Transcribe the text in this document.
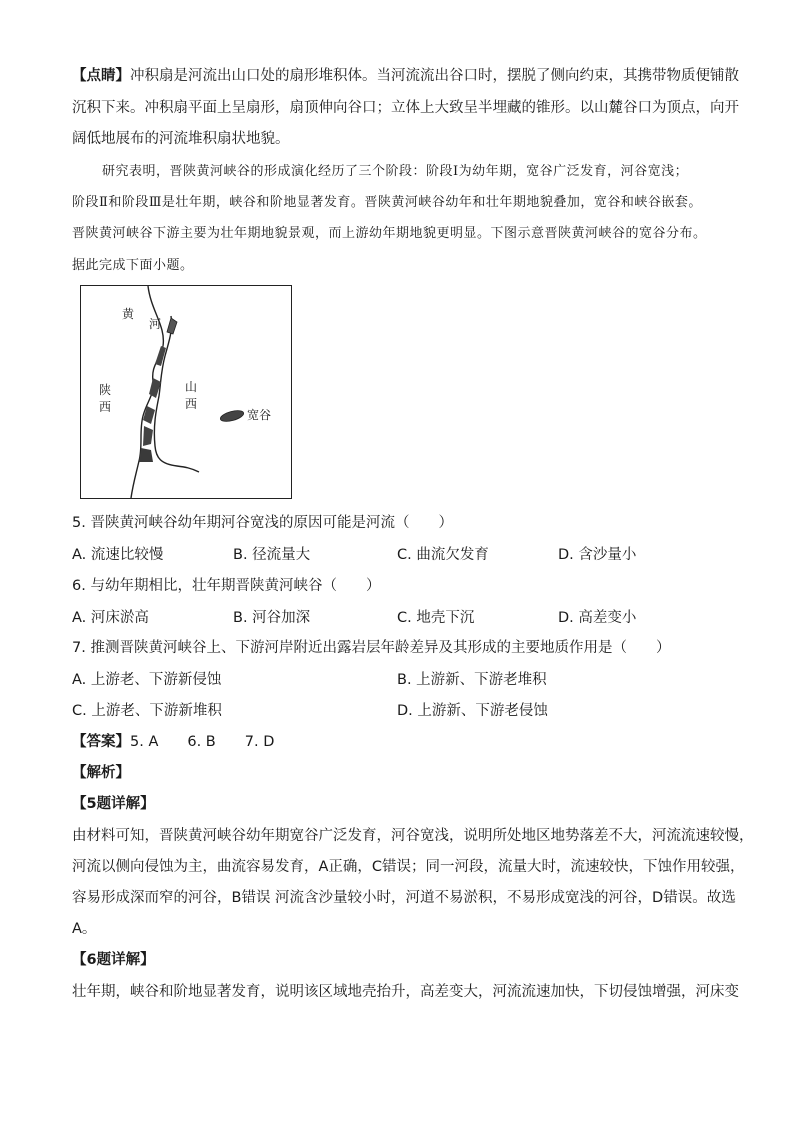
【点睛】冲积扇是河流出山口处的扇形堆积体。当河流流出谷口时，摆脱了侧向约束，其携带物质便铺散
沉积下来。冲积扇平面上呈扇形，扇顶伸向谷口；立体上大致呈半埋藏的锥形。以山麓谷口为顶点，向开
阔低地展布的河流堆积扇状地貌。
研究表明，晋陕黄河峡谷的形成演化经历了三个阶段：阶段Ⅰ为幼年期，宽谷广泛发育，河谷宽浅；
阶段Ⅱ和阶段Ⅲ是壮年期，峡谷和阶地显著发育。晋陕黄河峡谷幼年和壮年期地貌叠加，宽谷和峡谷嵌套。
晋陕黄河峡谷下游主要为壮年期地貌景观，而上游幼年期地貌更明显。下图示意晋陕黄河峡谷的宽谷分布。
据此完成下面小题。
黄
河
陕
西
山
西
宽谷
5. 晋陕黄河峡谷幼年期河谷宽浅的原因可能是河流（　　）
A. 流速比较慢	B. 径流量大	C. 曲流欠发育	D. 含沙量小
6. 与幼年期相比，壮年期晋陕黄河峡谷（　　）
A. 河床淤高	B. 河谷加深	C. 地壳下沉	D. 高差变小
7. 推测晋陕黄河峡谷上、下游河岸附近出露岩层年龄差异及其形成的主要地质作用是（　　）
A. 上游老、下游新侵蚀	B. 上游新、下游老堆积
C. 上游老、下游新堆积	D. 上游新、下游老侵蚀
【答案】5. A　　6. B　　7. D
【解析】
【5题详解】
由材料可知，晋陕黄河峡谷幼年期宽谷广泛发育，河谷宽浅，说明所处地区地势落差不大，河流流速较慢，
河流以侧向侵蚀为主，曲流容易发育，A正确，C错误；同一河段，流量大时，流速较快，下蚀作用较强，
容易形成深而窄的河谷，B错误 河流含沙量较小时，河道不易淤积，不易形成宽浅的河谷，D错误。故选
A。
【6题详解】
壮年期，峡谷和阶地显著发育，说明该区域地壳抬升，高差变大，河流流速加快，下切侵蚀增强，河床变
